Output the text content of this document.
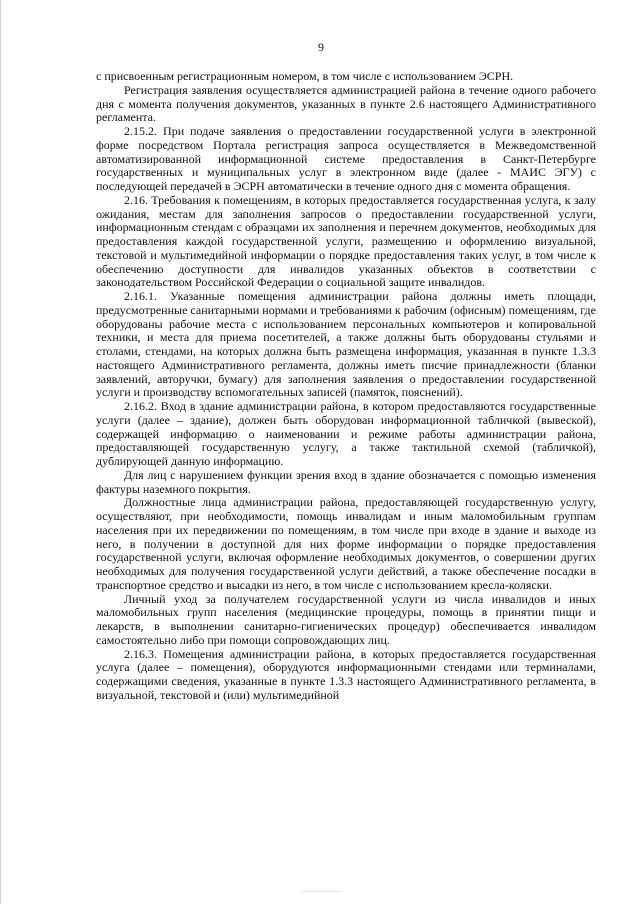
9

с присвоенным регистрационным номером, в том числе с использованием ЭСРН.

Регистрация заявления осуществляется администрацией района в течение одного рабочего дня с момента получения документов, указанных в пункте 2.6 настоящего Административного регламента.

2.15.2. При подаче заявления о предоставлении государственной услуги в электронной форме посредством Портала регистрация запроса осуществляется в Межведомственной автоматизированной информационной системе предоставления в Санкт-Петербурге государственных и муниципальных услуг в электронном виде (далее - МАИС ЭГУ) с последующей передачей в ЭСРН автоматически в течение одного дня с момента обращения.

2.16. Требования к помещениям, в которых предоставляется государственная услуга, к залу ожидания, местам для заполнения запросов о предоставлении государственной услуги, информационным стендам с образцами их заполнения и перечнем документов, необходимых для предоставления каждой государственной услуги, размещению и оформлению визуальной, текстовой и мультимедийной информации о порядке предоставления таких услуг, в том числе к обеспечению доступности для инвалидов указанных объектов в соответствии с законодательством Российской Федерации о социальной защите инвалидов.

2.16.1. Указанные помещения администрации района должны иметь площади, предусмотренные санитарными нормами и требованиями к рабочим (офисным) помещениям, где оборудованы рабочие места с использованием персональных компьютеров и копировальной техники, и места для приема посетителей, а также должны быть оборудованы стульями и столами, стендами, на которых должна быть размещена информация, указанная в пункте 1.3.3 настоящего Административного регламента, должны иметь писчие принадлежности (бланки заявлений, авторучки, бумагу) для заполнения заявления о предоставлении государственной услуги и производству вспомогательных записей (памяток, пояснений).

2.16.2. Вход в здание администрации района, в котором предоставляются государственные услуги (далее – здание), должен быть оборудован информационной табличкой (вывеской), содержащей информацию о наименовании и режиме работы администрации района, предоставляющей государственную услугу, а также тактильной схемой (табличкой), дублирующей данную информацию.

Для лиц с нарушением функции зрения вход в здание обозначается с помощью изменения фактуры наземного покрытия.

Должностные лица администрации района, предоставляющей государственную услугу, осуществляют, при необходимости, помощь инвалидам и иным маломобильным группам населения при их передвижении по помещениям, в том числе при входе в здание и выходе из него, в получении в доступной для них форме информации о порядке предоставления государственной услуги, включая оформление необходимых документов, о совершении других необходимых для получения государственной услуги действий, а также обеспечение посадки в транспортное средство и высадки из него, в том числе с использованием кресла-коляски.

Личный уход за получателем государственной услуги из числа инвалидов и иных маломобильных групп населения (медицинские процедуры, помощь в принятии пищи и лекарств, в выполнении санитарно-гигиенических процедур) обеспечивается инвалидом самостоятельно либо при помощи сопровождающих лиц.

2.16.3. Помещения администрации района, в которых предоставляется государственная услуга (далее – помещения), оборудуются информационными стендами или терминалами, содержащими сведения, указанные в пункте 1.3.3 настоящего Административного регламента, в визуальной, текстовой и (или) мультимедийной
